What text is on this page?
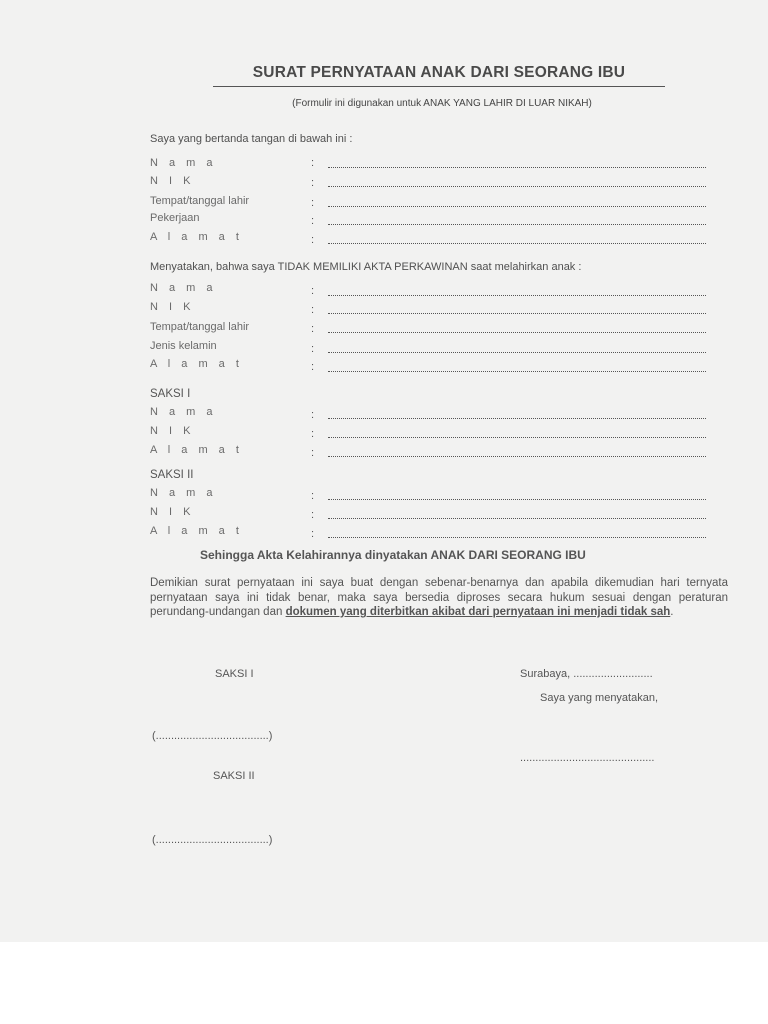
SURAT PERNYATAAN ANAK DARI SEORANG IBU
(Formulir ini digunakan untuk ANAK YANG LAHIR DI LUAR NIKAH)
Saya yang bertanda tangan di bawah ini :
N a m a	:
N I K	:
Tempat/tanggal lahir	:
Pekerjaan	:
A l a m a t	:
Menyatakan, bahwa saya TIDAK MEMILIKI AKTA PERKAWINAN saat melahirkan anak :
N a m a	:
N I K	:
Tempat/tanggal lahir	:
Jenis kelamin	:
A l a m a t	:
SAKSI I
N a m a	:
N I K	:
A l a m a t	:
SAKSI II
N a m a	:
N I K	:
A l a m a t	:
Sehingga Akta Kelahirannya dinyatakan ANAK DARI SEORANG IBU
Demikian surat pernyataan ini saya buat dengan sebenar-benarnya dan apabila dikemudian hari ternyata pernyataan saya ini tidak benar, maka saya bersedia diproses secara hukum sesuai dengan peraturan perundang-undangan dan dokumen yang diterbitkan akibat dari pernyataan ini menjadi tidak sah.
SAKSI I	Surabaya, ..........................
Saya yang menyatakan,
(.....................................)
............................................
SAKSI II
(.....................................)
